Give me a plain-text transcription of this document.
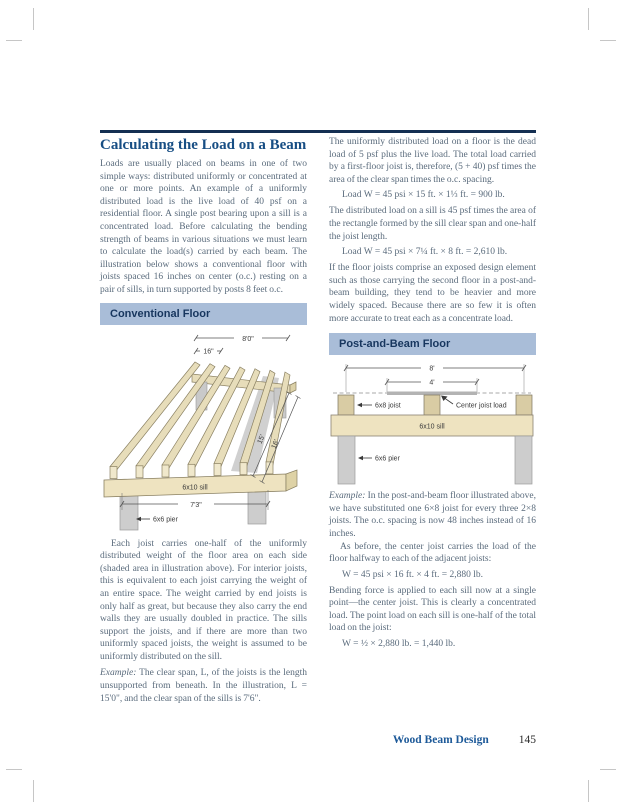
Calculating the Load on a Beam

Loads are usually placed on beams in one of two simple ways: distributed uniformly or concentrated at one or more points. An example of a uniformly distributed load is the live load of 40 psf on a residential floor. A single post bearing upon a sill is a concentrated load. Before calculating the bending strength of beams in various situations we must learn to calculate the load(s) carried by each beam. The illustration below shows a conventional floor with joists spaced 16 inches on center (o.c.) resting on a pair of sills, in turn supported by posts 8 feet o.c.

Conventional Floor
6x10 sill
8'0"
16"
15' 16'
7'3"
6x6 pier

Each joist carries one-half of the uniformly distributed weight of the floor area on each side (shaded area in illustration above). For interior joists, this is equivalent to each joist carrying the weight of an entire space. The weight carried by end joists is only half as great, but because they also carry the end walls they are usually doubled in practice. The sills support the joists, and if there are more than two uniformly spaced joists, the weight is assumed to be uniformly distributed on the sill.

Example: The clear span, L, of the joists is the length unsupported from beneath. In the illustration, L = 15'0", and the clear span of the sills is 7'6".

The uniformly distributed load on a floor is the dead load of 5 psf plus the live load. The total load carried by a first-floor joist is, therefore, (5 + 40) psf times the area of the clear span times the o.c. spacing.

Load W = 45 psi × 15 ft. × 1⅓ ft. = 900 lb.

The distributed load on a sill is 45 psf times the area of the rectangle formed by the sill clear span and one-half the joist length.

Load W = 45 psi × 7¼ ft. × 8 ft. = 2,610 lb.

If the floor joists comprise an exposed design element such as those carrying the second floor in a post-and-beam building, they tend to be heavier and more widely spaced. Because there are so few it is often more accurate to treat each as a concentrate load.

Post-and-Beam Floor
8'
4'
6x10 sill
6x8 joist	Center joist load
6x6 pier

Example: In the post-and-beam floor illustrated above, we have substituted one 6×8 joist for every three 2×8 joists. The o.c. spacing is now 48 inches instead of 16 inches.

As before, the center joist carries the load of the floor halfway to each of the adjacent joists:

W = 45 psi × 16 ft. × 4 ft. = 2,880 lb.

Bending force is applied to each sill now at a single point—the center joist. This is clearly a concentrated load. The point load on each sill is one-half of the total load on the joist:

W = ½ × 2,880 lb. = 1,440 lb.

Wood Beam Design	145
